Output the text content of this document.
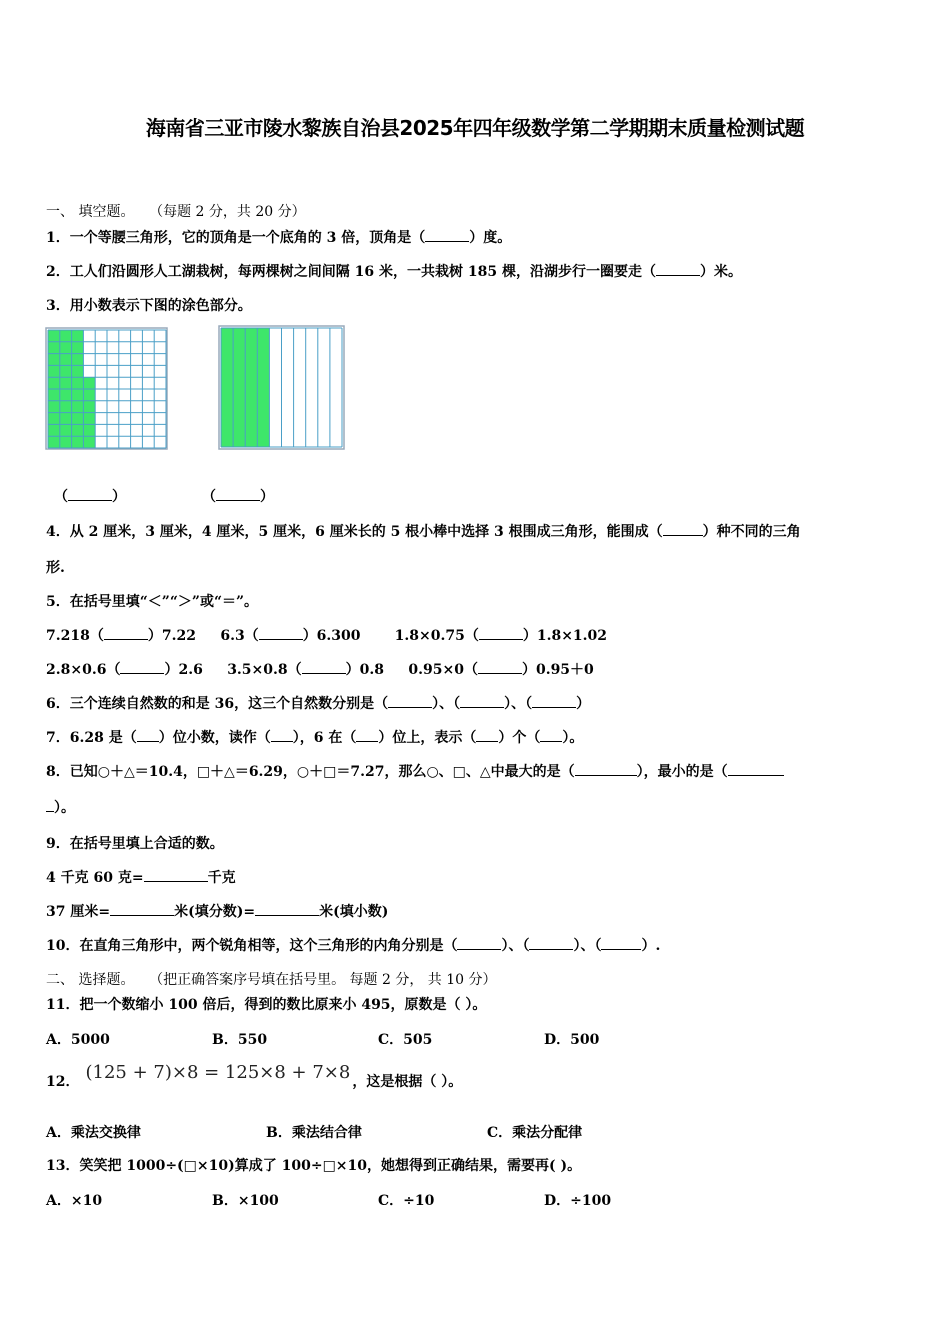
海南省三亚市陵水黎族自治县2025年四年级数学第二学期期末质量检测试题
一、 填空题。 （每题 2 分，共 20 分）
1．一个等腰三角形，它的顶角是一个底角的 3 倍，顶角是（	）度。
2．工人们沿圆形人工湖栽树，每两棵树之间间隔 16 米，一共栽树 185 棵，沿湖步行一圈要走（	）米。
3．用小数表示下图的涂色部分。
（	）	（	）
4．从 2 厘米，3 厘米，4 厘米，5 厘米，6 厘米长的 5 根小棒中选择 3 根围成三角形，能围成（	）种不同的三角
形.
5．在括号里填“＜”“＞”或“＝”。
7.218（	）7.22 6.3（	）6.300 1.8×0.75（	）1.8×1.02
2.8×0.6（	）2.6 3.5×0.8（	）0.8 0.95×0（	）0.95＋0
6．三个连续自然数的和是 36，这三个自然数分别是（	）、（	）、（	）
7．6.28 是（ ）位小数，读作（ ），6 在（ ）位上，表示（ ）个（ ）。
8．已知○＋△＝10.4，□＋△＝6.29，○＋□＝7.27，那么○、□、△中最大的是（	），最小的是（
）。
9．在括号里填上合适的数。
4 千克 60 克=	千克
37 厘米=	米(填分数)=	米(填小数)
10．在直角三角形中，两个锐角相等，这个三角形的内角分别是（	）、（	）、（	）.
二、 选择题。 （把正确答案序号填在括号里。 每题 2 分， 共 10 分）
11．把一个数缩小 100 倍后，得到的数比原来小 495，原数是（ ）。
A．5000	B．550	C．505	D．500
12． (125 + 7)×8 = 125×8 + 7×8 ，这是根据（ ）。
A．乘法交换律	B．乘法结合律	C．乘法分配律
13．笑笑把 1000÷(□×10)算成了 100÷□×10，她想得到正确结果，需要再( )。
A．×10	B．×100	C．÷10	D．÷100
